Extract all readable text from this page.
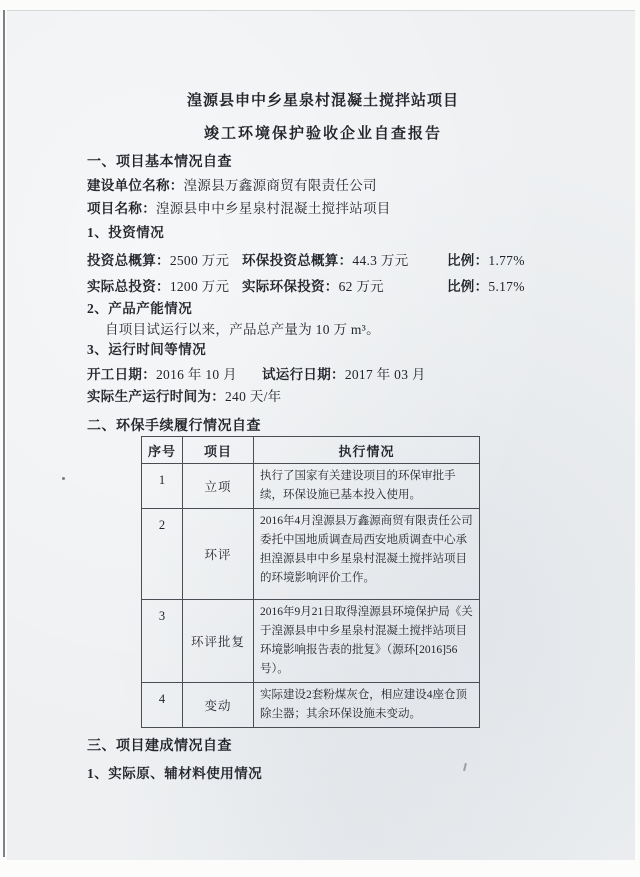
湟源县申中乡星泉村混凝土搅拌站项目

竣工环境保护验收企业自查报告

一、项目基本情况自查

建设单位名称：湟源县万鑫源商贸有限责任公司

项目名称：湟源县申中乡星泉村混凝土搅拌站项目

1、投资情况

投资总概算：2500 万元 环保投资总概算：44.3 万元	比例：1.77%
实际总投资：1200 万元 实际环保投资：62 万元	比例：5.17%

2、产品产能情况

自项目试运行以来，产品总产量为 10 万 m³。

3、运行时间等情况

开工日期：2016 年 10 月	试运行日期：2017 年 03 月

实际生产运行时间为：240 天/年

二、环保手续履行情况自查

序号	项目	执行情况
1	立项	执行了国家有关建设项目的环保审批手续，环保设施已基本投入使用。
2	环评	2016年4月湟源县万鑫源商贸有限责任公司委托中国地质调查局西安地质调查中心承担湟源县申中乡星泉村混凝土搅拌站项目的环境影响评价工作。
3	环评批复	2016年9月21日取得湟源县环境保护局《关于湟源县申中乡星泉村混凝土搅拌站项目环境影响报告表的批复》（源环[2016]56号）。
4	变动	实际建设2套粉煤灰仓，相应建设4座仓顶除尘器；其余环保设施未变动。

三、项目建成情况自查

1、实际原、辅材料使用情况
